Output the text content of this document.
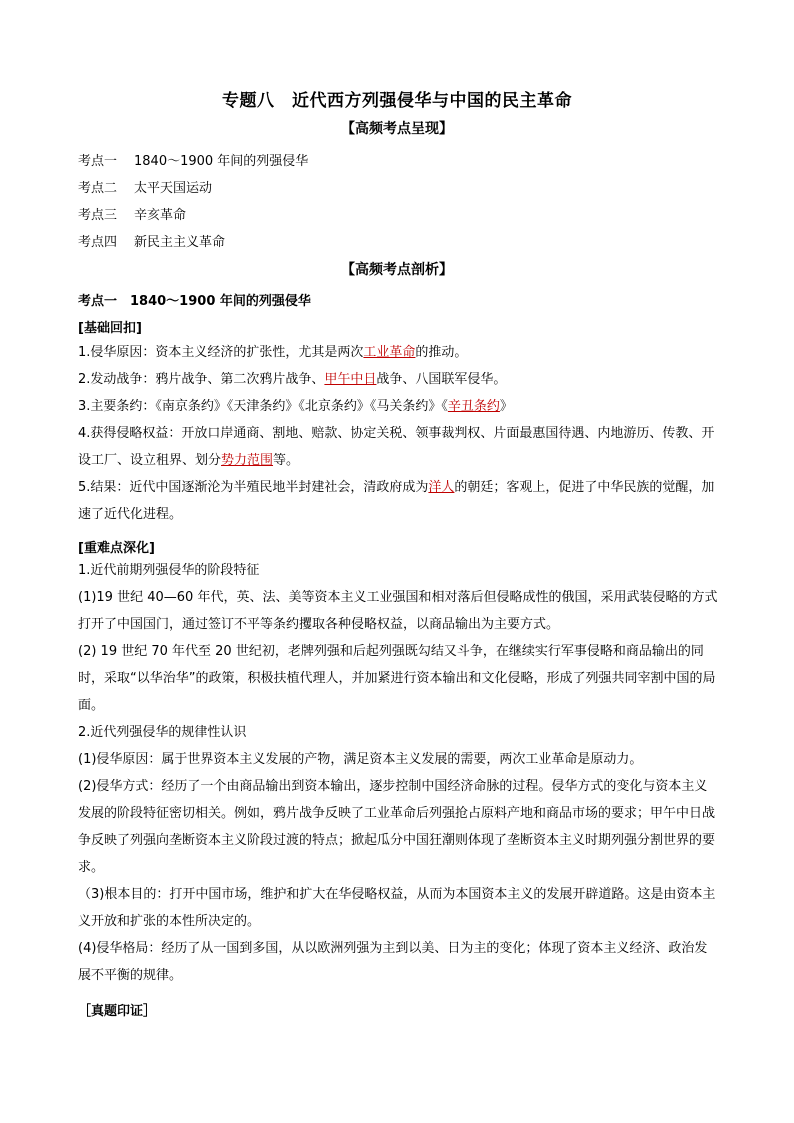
专题八　近代西方列强侵华与中国的民主革命
【高频考点呈现】
考点一 1840～1900 年间的列强侵华
考点二 太平天国运动
考点三 辛亥革命
考点四 新民主主义革命
【高频考点剖析】
考点一　1840～1900 年间的列强侵华
[基础回扣]
1.侵华原因：资本主义经济的扩张性，尤其是两次工业革命的推动。
2.发动战争：鸦片战争、第二次鸦片战争、甲午中日战争、八国联军侵华。
3.主要条约：《南京条约》《天津条约》《北京条约》《马关条约》《辛丑条约》
4.获得侵略权益：开放口岸通商、割地、赔款、协定关税、领事裁判权、片面最惠国待遇、内地游历、传教、开设工厂、设立租界、划分势力范围等。
5.结果：近代中国逐渐沦为半殖民地半封建社会，清政府成为洋人的朝廷；客观上，促进了中华民族的觉醒，加速了近代化进程。
[重难点深化]
1.近代前期列强侵华的阶段特征
(1)19 世纪 40—60 年代，英、法、美等资本主义工业强国和相对落后但侵略成性的俄国，采用武装侵略的方式打开了中国国门，通过签订不平等条约攫取各种侵略权益，以商品输出为主要方式。
(2) 19 世纪 70 年代至 20 世纪初，老牌列强和后起列强既勾结又斗争，在继续实行军事侵略和商品输出的同时，采取“以华治华”的政策，积极扶植代理人，并加紧进行资本输出和文化侵略，形成了列强共同宰割中国的局面。
2.近代列强侵华的规律性认识
(1)侵华原因：属于世界资本主义发展的产物，满足资本主义发展的需要，两次工业革命是原动力。
(2)侵华方式：经历了一个由商品输出到资本输出，逐步控制中国经济命脉的过程。侵华方式的变化与资本主义发展的阶段特征密切相关。例如，鸦片战争反映了工业革命后列强抢占原料产地和商品市场的要求；甲午中日战争反映了列强向垄断资本主义阶段过渡的特点；掀起瓜分中国狂潮则体现了垄断资本主义时期列强分割世界的要求。
（3)根本目的：打开中国市场，维护和扩大在华侵略权益，从而为本国资本主义的发展开辟道路。这是由资本主义开放和扩张的本性所决定的。
(4)侵华格局：经历了从一国到多国，从以欧洲列强为主到以美、日为主的变化；体现了资本主义经济、政治发展不平衡的规律。
［真题印证］
